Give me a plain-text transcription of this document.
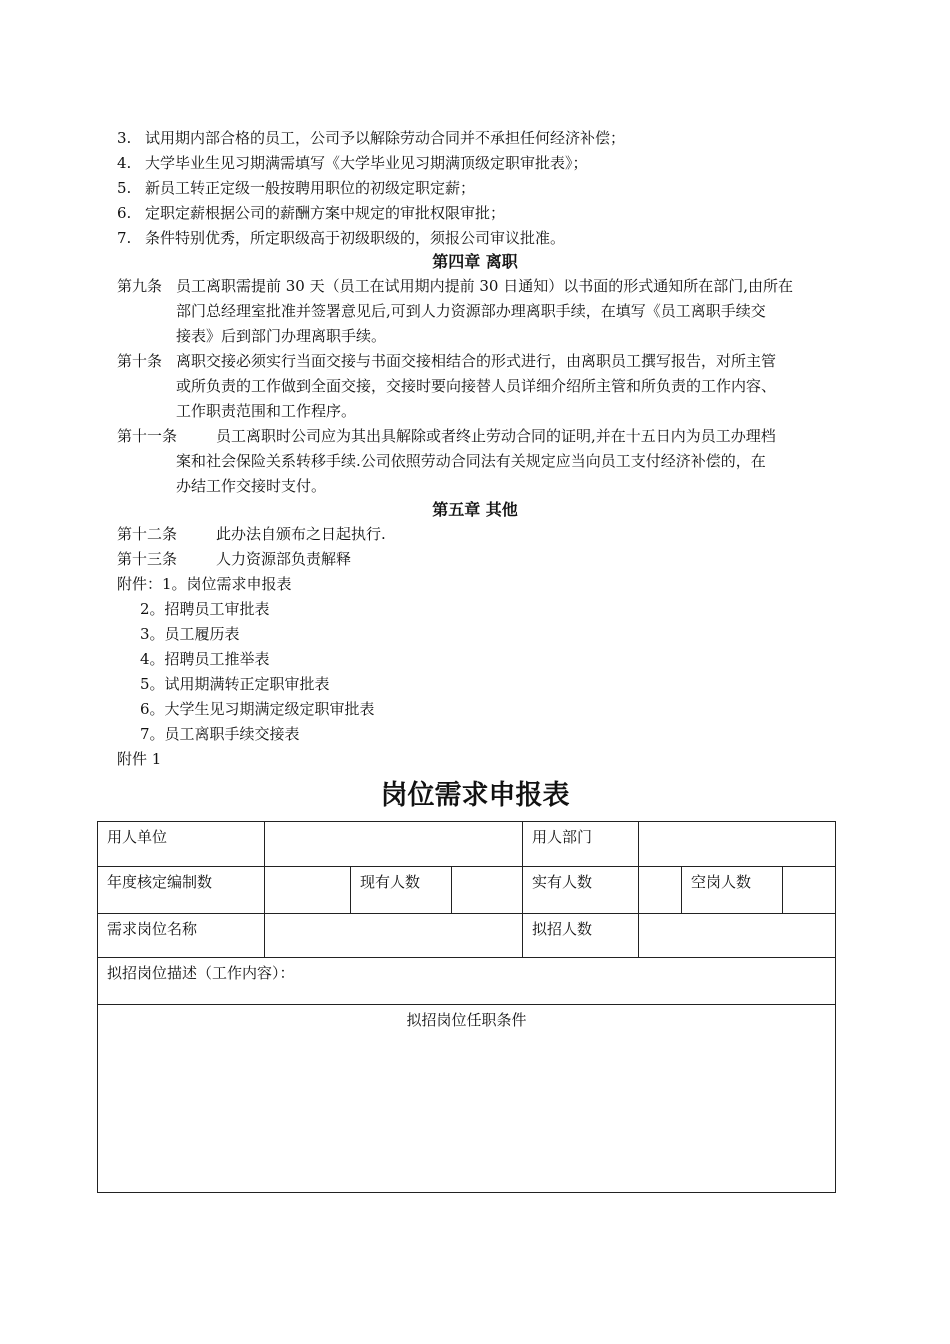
3. 试用期内部合格的员工，公司予以解除劳动合同并不承担任何经济补偿；
4. 大学毕业生见习期满需填写《大学毕业见习期满顶级定职审批表》；
5. 新员工转正定级一般按聘用职位的初级定职定薪；
6. 定职定薪根据公司的薪酬方案中规定的审批权限审批；
7. 条件特别优秀，所定职级高于初级职级的，须报公司审议批准。
第四章 离职
第九条 员工离职需提前 30 天（员工在试用期内提前 30 日通知）以书面的形式通知所在部门,由所在
部门总经理室批准并签署意见后,可到人力资源部办理离职手续，在填写《员工离职手续交
接表》后到部门办理离职手续。
第十条 离职交接必须实行当面交接与书面交接相结合的形式进行，由离职员工撰写报告，对所主管
或所负责的工作做到全面交接，交接时要向接替人员详细介绍所主管和所负责的工作内容、
工作职责范围和工作程序。
第十一条	员工离职时公司应为其出具解除或者终止劳动合同的证明,并在十五日内为员工办理档
案和社会保险关系转移手续.公司依照劳动合同法有关规定应当向员工支付经济补偿的，在
办结工作交接时支付。
第五章 其他
第十二条	此办法自颁布之日起执行.
第十三条	人力资源部负责解释
附件：1。岗位需求申报表
2。招聘员工审批表
3。员工履历表
4。招聘员工推举表
5。试用期满转正定职审批表
6。大学生见习期满定级定职审批表
7。员工离职手续交接表
附件 1
岗位需求申报表
用人单位				用人部门			
年度核定编制数		现有人数		实有人数		空岗人数	
需求岗位名称				拟招人数			
拟招岗位描述（工作内容）：							
拟招岗位任职条件							
